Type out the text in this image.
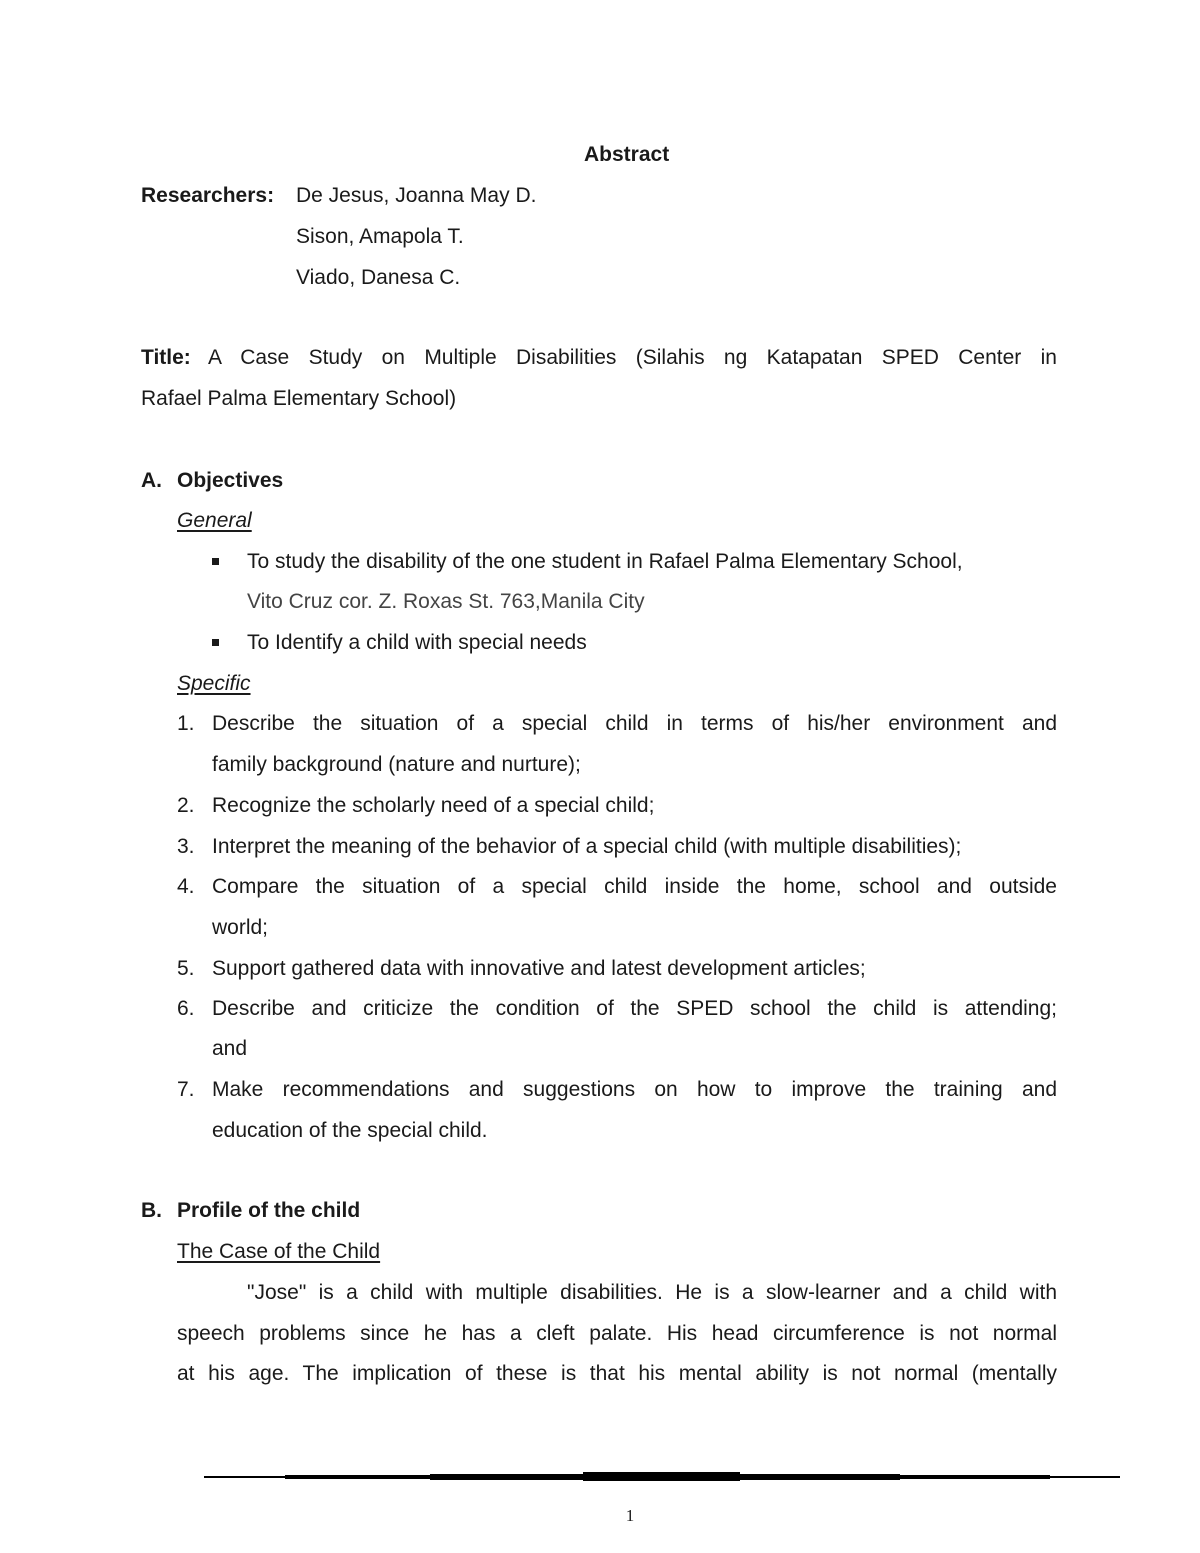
Abstract
Researchers: De Jesus, Joanna May D.
Sison, Amapola T.
Viado, Danesa C.
Title: A Case Study on Multiple Disabilities (Silahis ng Katapatan SPED Center in
Rafael Palma Elementary School)
A. Objectives
General
To study the disability of the one student in Rafael Palma Elementary School,
Vito Cruz cor. Z. Roxas St. 763,Manila City
To Identify a child with special needs
Specific
1. Describe the situation of a special child in terms of his/her environment and
family background (nature and nurture);
2. Recognize the scholarly need of a special child;
3. Interpret the meaning of the behavior of a special child (with multiple disabilities);
4. Compare the situation of a special child inside the home, school and outside
world;
5. Support gathered data with innovative and latest development articles;
6. Describe and criticize the condition of the SPED school the child is attending;
and
7. Make recommendations and suggestions on how to improve the training and
education of the special child.
B. Profile of the child
The Case of the Child
"Jose" is a child with multiple disabilities. He is a slow-learner and a child with
speech problems since he has a cleft palate. His head circumference is not normal
at his age. The implication of these is that his mental ability is not normal (mentally
1
